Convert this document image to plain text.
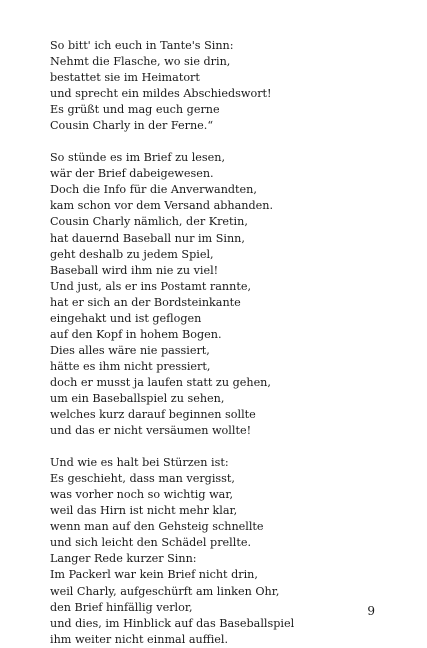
So bitt' ich euch in Tante's Sinn:
Nehmt die Flasche, wo sie drin,
bestattet sie im Heimatort
und sprecht ein mildes Abschiedswort!
Es grüßt und mag euch gerne
Cousin Charly in der Ferne.“
So stünde es im Brief zu lesen,
wär der Brief dabeigewesen.
Doch die Info für die Anverwandten,
kam schon vor dem Versand abhanden.
Cousin Charly nämlich, der Kretin,
hat dauernd Baseball nur im Sinn,
geht deshalb zu jedem Spiel,
Baseball wird ihm nie zu viel!
Und just, als er ins Postamt rannte,
hat er sich an der Bordsteinkante
eingehakt und ist geflogen
auf den Kopf in hohem Bogen.
Dies alles wäre nie passiert,
hätte es ihm nicht pressiert,
doch er musst ja laufen statt zu gehen,
um ein Baseballspiel zu sehen,
welches kurz darauf beginnen sollte
und das er nicht versäumen wollte!
Und wie es halt bei Stürzen ist:
Es geschieht, dass man vergisst,
was vorher noch so wichtig war,
weil das Hirn ist nicht mehr klar,
wenn man auf den Gehsteig schnellte
und sich leicht den Schädel prellte.
Langer Rede kurzer Sinn:
Im Packerl war kein Brief nicht drin,
weil Charly, aufgeschürft am linken Ohr,
den Brief hinfällig verlor,
und dies, im Hinblick auf das Baseballspiel
ihm weiter nicht einmal auffiel.
9
